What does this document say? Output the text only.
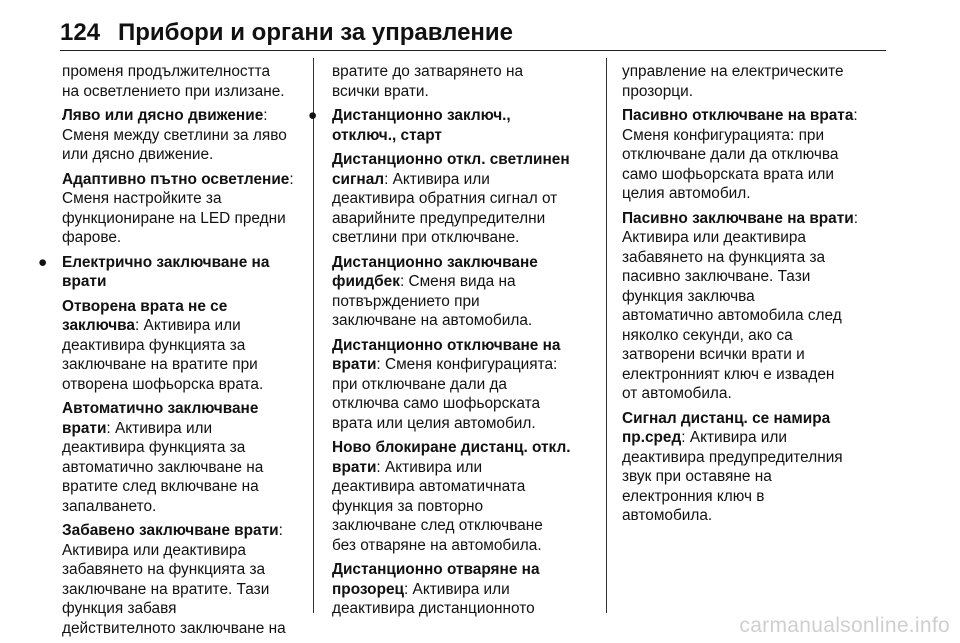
124 Прибори и органи за управление

променя продължителността
на осветлението при излизане.

Ляво или дясно движение:
Сменя между светлини за ляво
или дясно движение.

Адаптивно пътно осветление:
Сменя настройките за
функциониране на LED предни
фарове.

● Електрично заключване на
врати

Отворена врата не се
заключва: Активира или
деактивира функцията за
заключване на вратите при
отворена шофьорска врата.

Автоматично заключване
врати: Активира или
деактивира функцията за
автоматично заключване на
вратите след включване на
запалването.

Забавено заключване врати:
Активира или деактивира
забавянето на функцията за
заключване на вратите. Тази
функция забавя
действителното заключване на

вратите до затварянето на
всички врати.

● Дистанционно заключ.,
отключ., старт

Дистанционно откл. светлинен
сигнал: Активира или
деактивира обратния сигнал от
аварийните предупредителни
светлини при отключване.

Дистанционно заключване
фиидбек: Сменя вида на
потвърждението при
заключване на автомобила.

Дистанционно отключване на
врати: Сменя конфигурацията:
при отключване дали да
отключва само шофьорската
врата или целия автомобил.

Ново блокиране дистанц. откл.
врати: Активира или
деактивира автоматичната
функция за повторно
заключване след отключване
без отваряне на автомобила.

Дистанционно отваряне на
прозорец: Активира или
деактивира дистанционното

управление на електрическите
прозорци.

Пасивно отключване на врата:
Сменя конфигурацията: при
отключване дали да отключва
само шофьорската врата или
целия автомобил.

Пасивно заключване на врати:
Активира или деактивира
забавянето на функцията за
пасивно заключване. Тази
функция заключва
автоматично автомобила след
няколко секунди, ако са
затворени всички врати и
електронният ключ е изваден
от автомобила.

Сигнал дистанц. се намира
пр.сред: Активира или
деактивира предупредителния
звук при оставяне на
електронния ключ в
автомобила.

carmanualsonline.info
